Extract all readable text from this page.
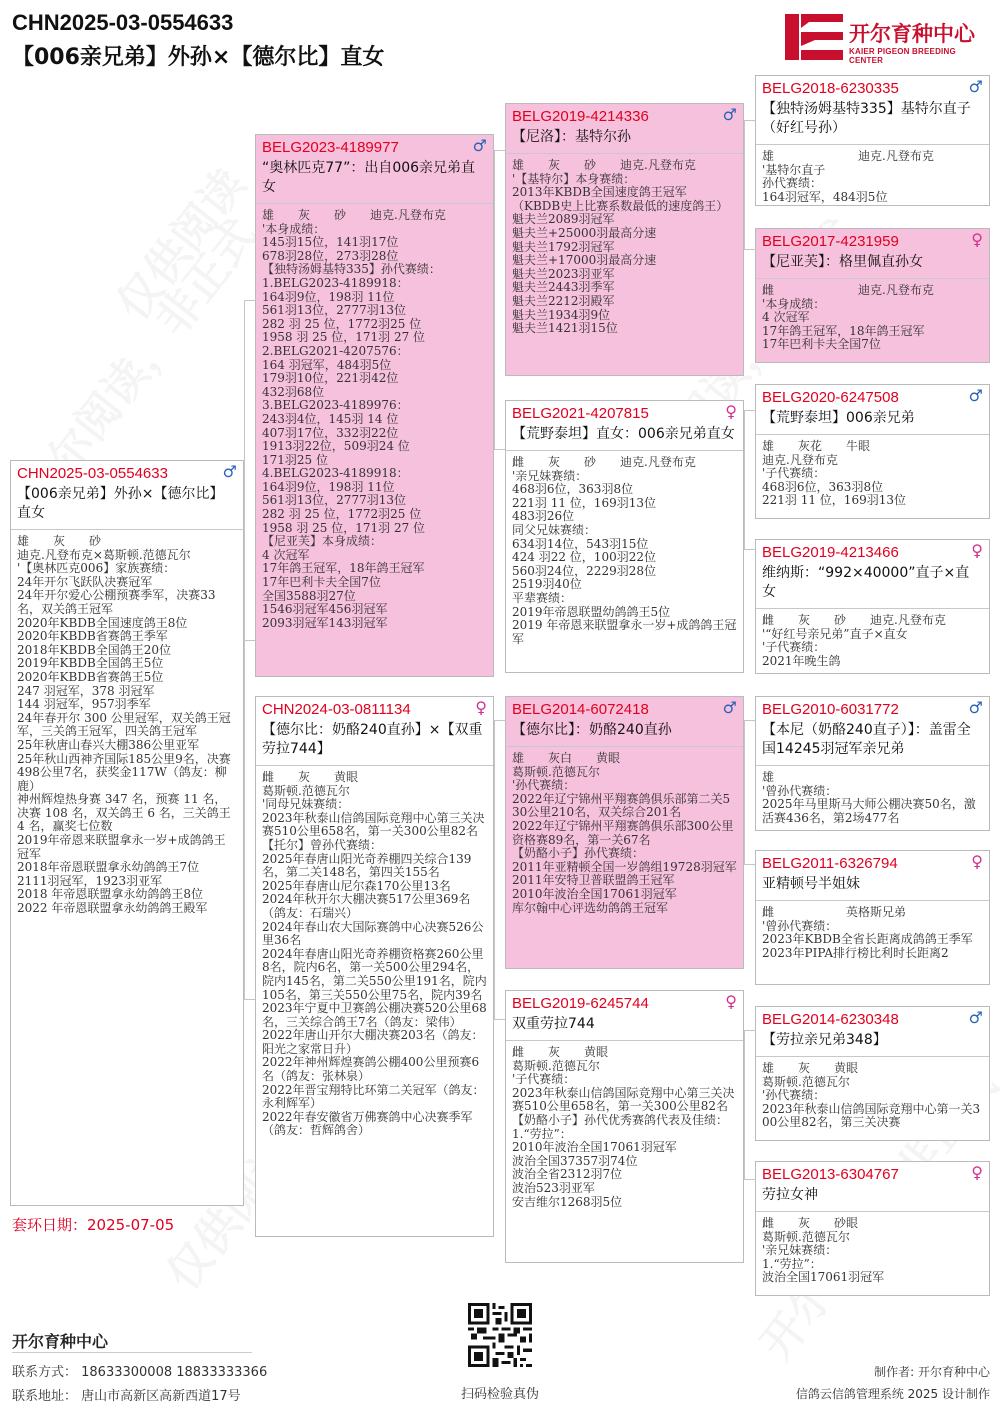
CHN2025-03-0554633
【006亲兄弟】外孙×【德尔比】直女
开尔育种中心
KAIER PIGEON BREEDING CENTER
CHN2025-03-0554633	♂
【006亲兄弟】外孙×【德尔比】直女
雄　　灰　　砂
迪克.凡登布克×葛斯顿.范德瓦尔
'【奥林匹克006】家族赛绩：
24年开尔飞跃队决赛冠军
24年开尔爱心公棚预赛季军，决赛33名，双关鸽王冠军
2020年KBDB全国速度鸽王8位
2020年KBDB省赛鸽王季军
2018年KBDB全国鸽王20位
2019年KBDB全国鸽王5位
2020年KBDB省赛鸽王5位
247 羽冠军，378 羽冠军
144 羽冠军，957羽季军
24年春开尔 300 公里冠军，双关鸽王冠军，三关鸽王冠军，四关鸽王冠军
25年秋唐山春兴大棚386公里亚军
25年秋山西神齐国际185公里9名，决赛498公里7名，获奖金117W（鸽友：柳鹿）
神州辉煌热身赛 347 名，预赛 11 名，决赛 108 名，双关鸽王 6 名，三关鸽王 4 名，赢奖七位数
2019年帝恩来联盟拿永一岁+成鸽鸽王冠军
2018年帝恩联盟拿永幼鸽鸽王7位
2111羽冠军，1923羽亚军
2018 年帝恩联盟拿永幼鸽鸽王8位
2022 年帝恩联盟拿永幼鸽鸽王殿军
BELG2023-4189977	♂
“奥林匹克77”：出自006亲兄弟直女
雄　　灰　　砂　　迪克.凡登布克
'本身成绩：
145羽15位，141羽17位
678羽28位，273羽28位
【独特汤姆基特335】孙代赛绩：
1.BELG2023-4189918：
164羽9位，198羽 11位
561羽13位，2777羽13位
282 羽 25 位，1772羽25 位
1958 羽 25 位，171羽 27 位
2.BELG2021-4207576：
164 羽冠军，484羽5位
179羽10位，221羽42位
432羽68位
3.BELG2023-4189976：
243羽4位，145羽 14 位
407羽17位，332羽22位
1913羽22位，509羽24 位
171羽25 位
4.BELG2023-4189918：
164羽9位，198羽 11位
561羽13位，2777羽13位
282 羽 25 位，1772羽25 位
1958 羽 25 位，171羽 27 位
【尼亚芙】本身成绩：
4 次冠军
17年鸽王冠军，18年鸽王冠军
17年巴利卡夫全国7位
全国3588羽27位
1546羽冠军456羽冠军
2093羽冠军143羽冠军
CHN2024-03-0811134	♀
【德尔比：奶酪240直孙】×【双重劳拉744】
雌　　灰　　黄眼
葛斯顿.范德瓦尔
'同母兄妹赛绩：
2023年秋泰山信鸽国际竞翔中心第三关决赛510公里658名，第一关300公里82名
【托尔】曾孙代赛绩：
2025年春唐山阳光奇养棚四关综合139名，第二关148名，第四关155名
2025年春唐山尼尔森170公里13名
2024年秋开尔大棚决赛517公里369名（鸽友：石瑞兴）
2024年春山农大国际赛鸽中心决赛526公里36名
2024年春唐山阳光奇养棚资格赛260公里8名，院内6名，第一关500公里294名，院内145名，第二关550公里191名，院内105名，第三关550公里75名，院内39名
2023年宁夏中卫赛鸽公棚决赛520公里68名，三关综合鸽王7名（鸽友：梁伟）
2022年唐山开尔大棚决赛203名（鸽友：阳光之家常日升）
2022年神州辉煌赛鸽公棚400公里预赛6名（鸽友：张林泉）
2022年晋宝翔特比环第二关冠军（鸽友：永利辉军）
2022年春安徽省万佛赛鸽中心决赛季军（鸽友：哲辉鸽舍）
BELG2019-4214336	♂
【尼洛】：基特尔孙
雄　　灰　　砂　　迪克.凡登布克
'【基特尔】本身赛绩：
2013年KBDB全国速度鸽王冠军
（KBDB史上比赛系数最低的速度鸽王）
魁夫兰2089羽冠军
魁夫兰+25000羽最高分速
魁夫兰1792羽冠军
魁夫兰+17000羽最高分速
魁夫兰2023羽亚军
魁夫兰2443羽季军
魁夫兰2212羽殿军
魁夫兰1934羽9位
魁夫兰1421羽15位
BELG2021-4207815	♀
【荒野泰坦】直女：006亲兄弟直女
雌　　灰　　砂　　迪克.凡登布克
'亲兄妹赛绩：
468羽6位，363羽8位
221羽 11 位，169羽13位
483羽26位
同父兄妹赛绩：
634羽14位，543羽15位
424 羽22 位，100羽22位
560羽24位，2229羽28位
2519羽40位
平辈赛绩：
2019年帝恩联盟幼鸽鸽王5位
2019 年帝恩来联盟拿永一岁+成鸽鸽王冠军
BELG2014-6072418	♂
【德尔比】：奶酪240直孙
雄　　灰白　　黄眼
葛斯顿.范德瓦尔
'孙代赛绩：
2022年辽宁锦州平翔赛鸽俱乐部第二关530公里210名，双关综合201名
2022年辽宁锦州平翔赛鸽俱乐部300公里资格赛89名，第一关67名
【奶酪小子】孙代赛绩：
2011年亚精顿全国一岁鸽组19728羽冠军
2011年安特卫普联盟鸽王冠军
2010年波治全国17061羽冠军
库尔翰中心评选幼鸽鸽王冠军
BELG2019-6245744	♀
双重劳拉744
雌　　灰　　黄眼
葛斯顿.范德瓦尔
'子代赛绩：
2023年秋泰山信鸽国际竞翔中心第三关决赛510公里658名，第一关300公里82名
【奶酪小子】孙代优秀赛鸽代表及佳绩：
1.“劳拉”：
2010年波治全国17061羽冠军
波治全国37357羽74位
波治全省2312羽7位
波治523羽亚军
安吉维尔1268羽5位
BELG2018-6230335	♂
【独特汤姆基特335】基特尔直子（好红号孙）
雄　　　　　　　迪克.凡登布克
'基特尔直子
孙代赛绩：
164羽冠军，484羽5位
BELG2017-4231959	♀
【尼亚芙】：格里佩直孙女
雌　　　　　　　迪克.凡登布克
'本身成绩：
4 次冠军
17年鸽王冠军，18年鸽王冠军
17年巴利卡夫全国7位
BELG2020-6247508	♂
【荒野泰坦】006亲兄弟
雄　　灰花　　牛眼
迪克.凡登布克
'子代赛绩：
468羽6位，363羽8位
221羽 11 位，169羽13位
BELG2019-4213466	♀
维纳斯：“992×40000”直子×直女
雌　　灰　　砂　　迪克.凡登布克
'“好红号亲兄弟”直子×直女
'子代赛绩：
2021年晚生鸽
BELG2010-6031772	♂
【本尼（奶酪240直子）】：盖雷全国14245羽冠军亲兄弟
雄
'曾孙代赛绩：
2025年马里斯马大师公棚决赛50名，激活赛436名，第2场477名
BELG2011-6326794	♀
亚精顿号半姐妹
雌　　　　　　英格斯兄弟
'曾孙代赛绩：
2023年KBDB全省长距离成鸽鸽王季军
2023年PIPA排行榜比利时长距离2
BELG2014-6230348	♂
【劳拉亲兄弟348】
雄　　灰　　黄眼
葛斯顿.范德瓦尔
'孙代赛绩：
2023年秋泰山信鸽国际竞翔中心第一关300公里82名，第三关决赛
BELG2013-6304767	♀
劳拉女神
雌　　灰　　砂眼
葛斯顿.范德瓦尔
'亲兄妹赛绩：
1.“劳拉”：
波治全国17061羽冠军
套环日期：2025-07-05
开尔育种中心
联系方式： 18633300008 18833333366
联系地址： 唐山市高新区高新西道17号	扫码检验真伪
制作者: 开尔育种中心
信鸽云信鸽管理系统 2025 设计制作
